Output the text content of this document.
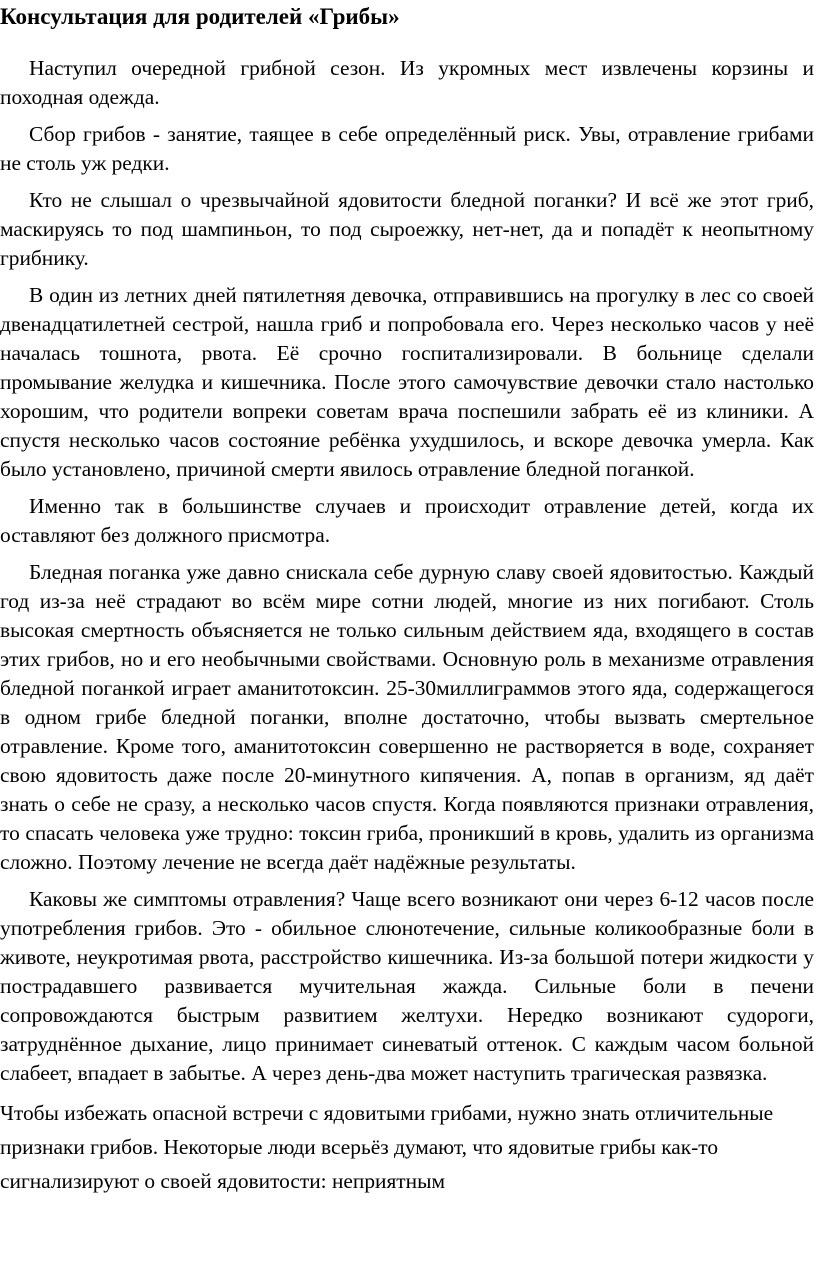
Консультация для родителей «Грибы»

Наступил очередной грибной сезон. Из укромных мест извлечены корзины и походная одежда.

Сбор грибов - занятие, таящее в себе определённый риск. Увы, отравление грибами не столь уж редки.

Кто не слышал о чрезвычайной ядовитости бледной поганки? И всё же этот гриб, маскируясь то под шампиньон, то под сыроежку, нет-нет, да и попадёт к неопытному грибнику.

В один из летних дней пятилетняя девочка, отправившись на прогулку в лес со своей двенадцатилетней сестрой, нашла гриб и попробовала его. Через несколько часов у неё началась тошнота, рвота. Её срочно госпитализировали. В больнице сделали промывание желудка и кишечника. После этого самочувствие девочки стало настолько хорошим, что родители вопреки советам врача поспешили забрать её из клиники. А спустя несколько часов состояние ребёнка ухудшилось, и вскоре девочка умерла. Как было установлено, причиной смерти явилось отравление бледной поганкой.

Именно так в большинстве случаев и происходит отравление детей, когда их оставляют без должного присмотра.

Бледная поганка уже давно снискала себе дурную славу своей ядовитостью. Каждый год из-за неё страдают во всём мире сотни людей, многие из них погибают. Столь высокая смертность объясняется не только сильным действием яда, входящего в состав этих грибов, но и его необычными свойствами. Основную роль в механизме отравления бледной поганкой играет аманитотоксин. 25-30миллиграммов этого яда, содержащегося в одном грибе бледной поганки, вполне достаточно, чтобы вызвать смертельное отравление. Кроме того, аманитотоксин совершенно не растворяется в воде, сохраняет свою ядовитость даже после 20-минутного кипячения. А, попав в организм, яд даёт знать о себе не сразу, а несколько часов спустя. Когда появляются признаки отравления, то спасать человека уже трудно: токсин гриба, проникший в кровь, удалить из организма сложно. Поэтому лечение не всегда даёт надёжные результаты.

Каковы же симптомы отравления? Чаще всего возникают они через 6-12 часов после употребления грибов. Это - обильное слюнотечение, сильные коликообразные боли в животе, неукротимая рвота, расстройство кишечника. Из-за большой потери жидкости у пострадавшего развивается мучительная жажда. Сильные боли в печени сопровождаются быстрым развитием желтухи. Нередко возникают судороги, затруднённое дыхание, лицо принимает синеватый оттенок. С каждым часом больной слабеет, впадает в забытье. А через день-два может наступить трагическая развязка.

Чтобы избежать опасной встречи с ядовитыми грибами, нужно знать отличительные признаки грибов. Некоторые люди всерьёз думают, что ядовитые грибы как-то сигнализируют о своей ядовитости: неприятным
